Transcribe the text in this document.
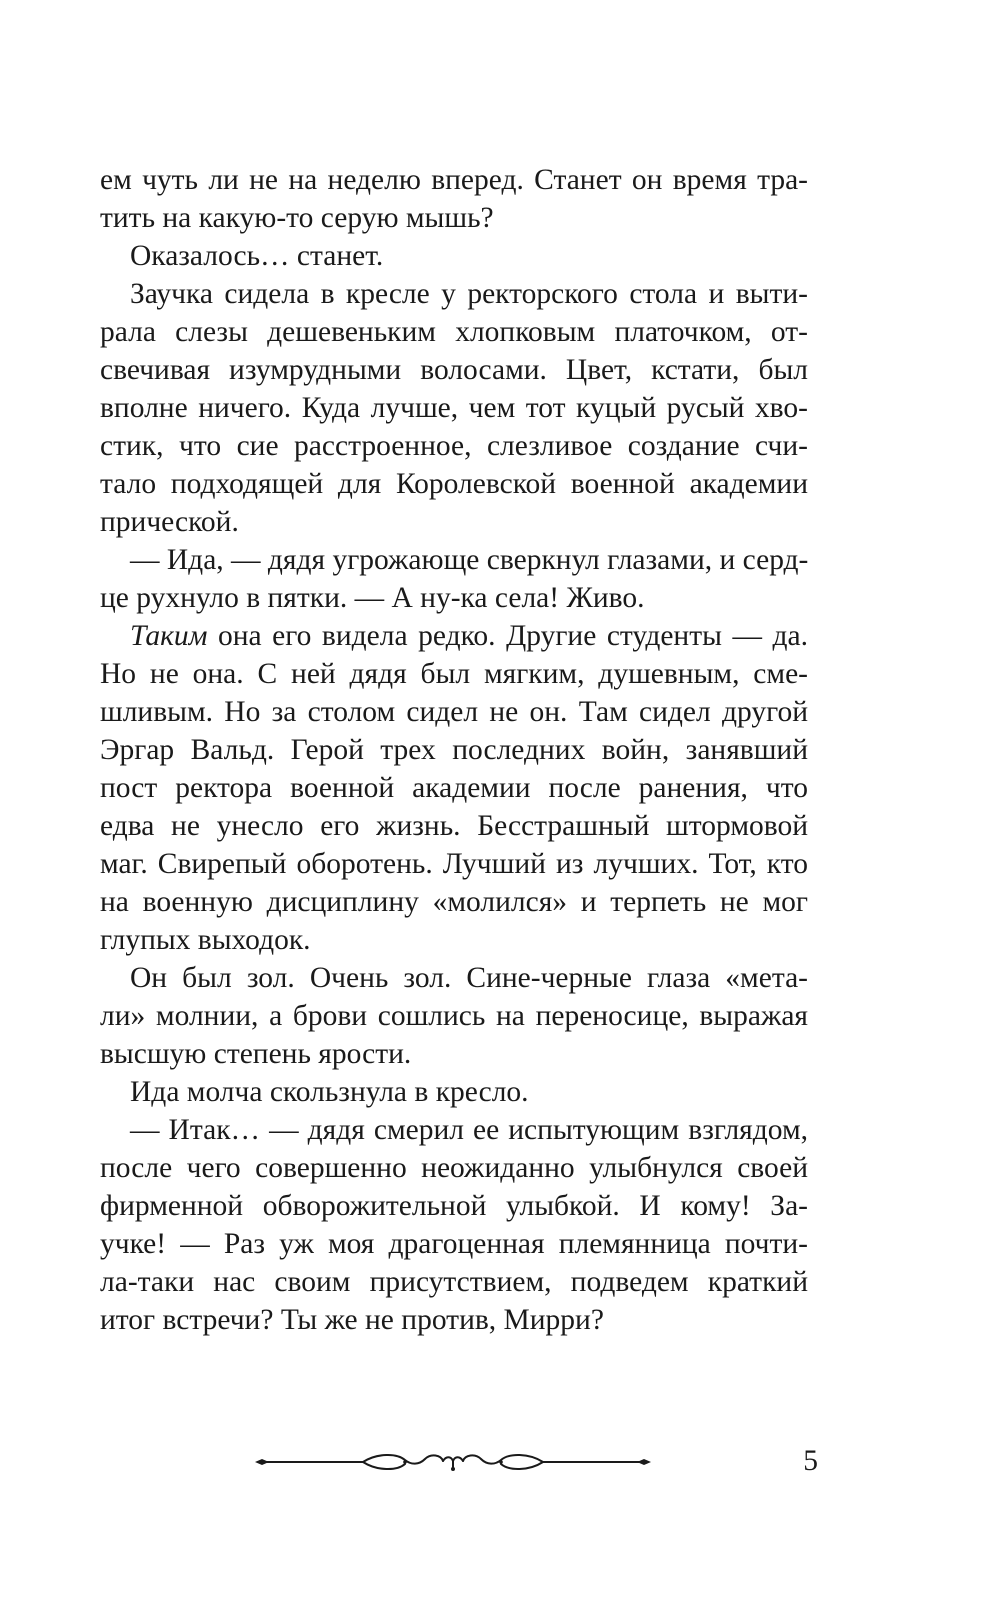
ем чуть ли не на неделю вперед. Станет он время тра-
тить на какую-то серую мышь?
Оказалось… станет.
Заучка сидела в кресле у ректорского стола и выти-
рала слезы дешевеньким хлопковым платочком, от-
свечивая изумрудными волосами. Цвет, кстати, был
вполне ничего. Куда лучше, чем тот куцый русый хво-
стик, что сие расстроенное, слезливое создание счи-
тало подходящей для Королевской военной академии
прической.
— Ида, — дядя угрожающе сверкнул глазами, и серд-
це рухнуло в пятки. — А ну-ка села! Живо.
Таким она его видела редко. Другие студенты — да.
Но не она. С ней дядя был мягким, душевным, сме-
шливым. Но за столом сидел не он. Там сидел другой
Эргар Вальд. Герой трех последних войн, занявший
пост ректора военной академии после ранения, что
едва не унесло его жизнь. Бесстрашный штормовой
маг. Свирепый оборотень. Лучший из лучших. Тот, кто
на военную дисциплину «молился» и терпеть не мог
глупых выходок.
Он был зол. Очень зол. Сине-черные глаза «мета-
ли» молнии, а брови сошлись на переносице, выражая
высшую степень ярости.
Ида молча скользнула в кресло.
— Итак… — дядя смерил ее испытующим взглядом,
после чего совершенно неожиданно улыбнулся своей
фирменной обворожительной улыбкой. И кому! За-
учке! — Раз уж моя драгоценная племянница почти-
ла-таки нас своим присутствием, подведем краткий
итог встречи? Ты же не против, Мирри?
5
